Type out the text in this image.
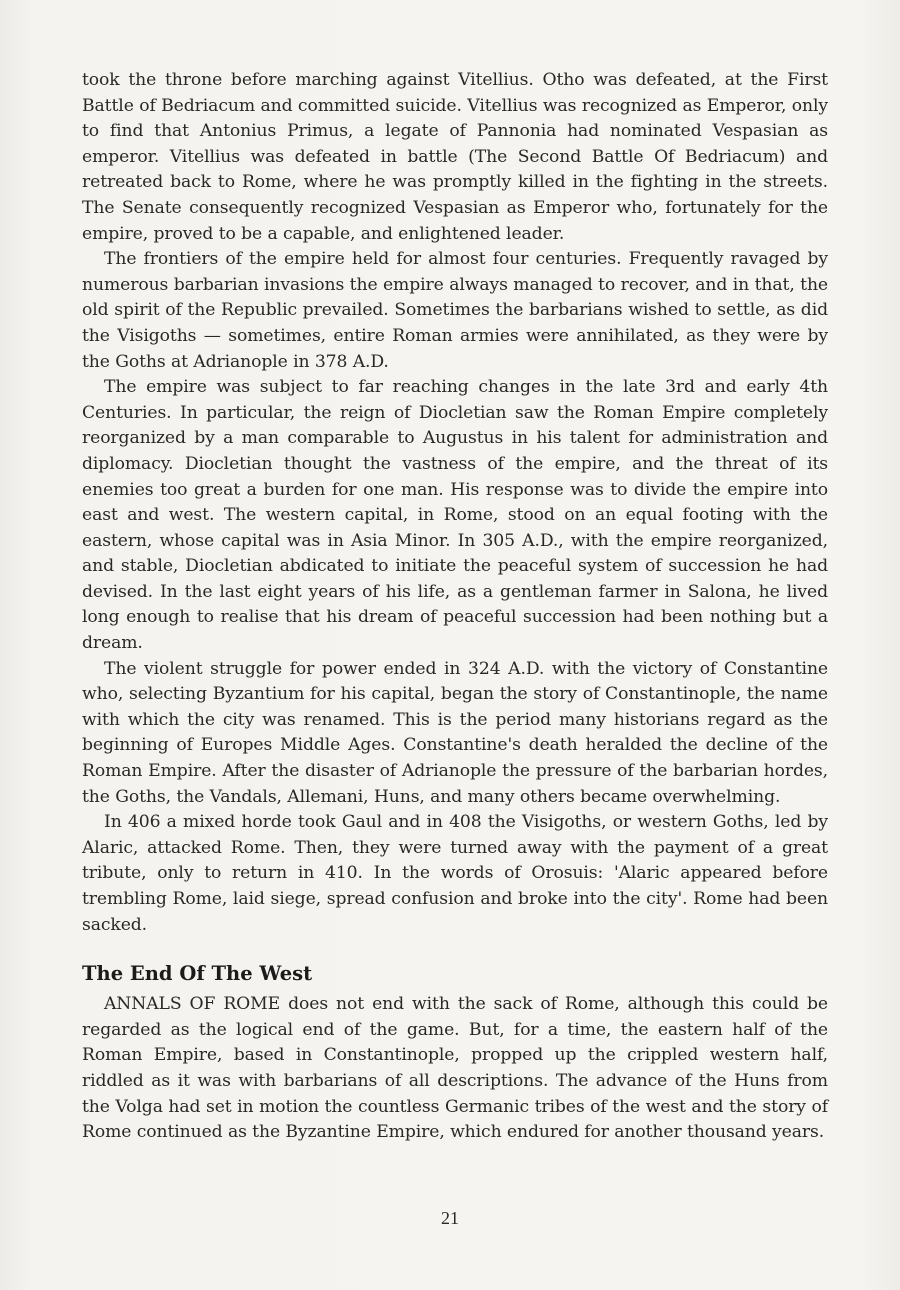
took the throne before marching against Vitellius. Otho was defeated, at the First Battle of Bedriacum and committed suicide. Vitellius was recognized as Emperor, only to find that Antonius Primus, a legate of Pannonia had nominated Vespasian as emperor. Vitellius was defeated in battle (The Second Battle Of Bedriacum) and retreated back to Rome, where he was promptly killed in the fighting in the streets. The Senate consequently recognized Vespasian as Emperor who, fortunately for the empire, proved to be a capable, and enlightened leader.

The frontiers of the empire held for almost four centuries. Frequently ravaged by numerous barbarian invasions the empire always managed to recover, and in that, the old spirit of the Republic prevailed. Sometimes the barbarians wished to settle, as did the Visigoths — sometimes, entire Roman armies were annihilated, as they were by the Goths at Adrianople in 378 A.D.

The empire was subject to far reaching changes in the late 3rd and early 4th Centuries. In particular, the reign of Diocletian saw the Roman Empire completely reorganized by a man comparable to Augustus in his talent for administration and diplomacy. Diocletian thought the vastness of the empire, and the threat of its enemies too great a burden for one man. His response was to divide the empire into east and west. The western capital, in Rome, stood on an equal footing with the eastern, whose capital was in Asia Minor. In 305 A.D., with the empire reorganized, and stable, Diocletian abdicated to initiate the peaceful system of succession he had devised. In the last eight years of his life, as a gentleman farmer in Salona, he lived long enough to realise that his dream of peaceful succession had been nothing but a dream.

The violent struggle for power ended in 324 A.D. with the victory of Constantine who, selecting Byzantium for his capital, began the story of Constantinople, the name with which the city was renamed. This is the period many historians regard as the beginning of Europes Middle Ages. Constantine's death heralded the decline of the Roman Empire. After the disaster of Adrianople the pressure of the barbarian hordes, the Goths, the Vandals, Allemani, Huns, and many others became overwhelming.

In 406 a mixed horde took Gaul and in 408 the Visigoths, or western Goths, led by Alaric, attacked Rome. Then, they were turned away with the payment of a great tribute, only to return in 410. In the words of Orosuis: 'Alaric appeared before trembling Rome, laid siege, spread confusion and broke into the city'. Rome had been sacked.

The End Of The West

ANNALS OF ROME does not end with the sack of Rome, although this could be regarded as the logical end of the game. But, for a time, the eastern half of the Roman Empire, based in Constantinople, propped up the crippled western half, riddled as it was with barbarians of all descriptions. The advance of the Huns from the Volga had set in motion the countless Germanic tribes of the west and the story of Rome continued as the Byzantine Empire, which endured for another thousand years.

21
